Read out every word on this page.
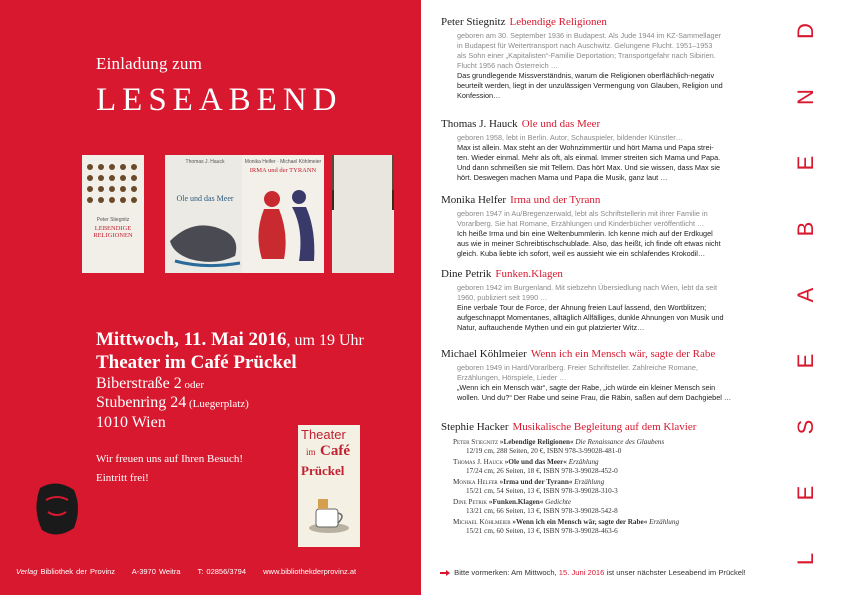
Einladung zum
LESEABEND
LEBENDIGE RELIGIONEN
Peter Stiegnitz
Thomas J. Hauck
Ole und das Meer
Monika Helfer · Michael Köhlmeier
IRMA und der TYRANN
Mittwoch, 11. Mai 2016, um 19 Uhr
Theater im Café Prückel
Biberstraße 2 oder
Stubenring 24 (Luegerplatz)
1010 Wien
Wir freuen uns auf Ihren Besuch!
Eintritt frei!
Theater
im Café
Prückel
Verlag Bibliothek der Provinz A-3970 Weitra T: 02856/3794 www.bibliothekderprovinz.at
Peter Stiegnitz Lebendige Religionen
geboren am 30. September 1936 in Budapest. Als Jude 1944 im KZ-Sammellager
in Budapest für Weitertransport nach Auschwitz. Gelungene Flucht. 1951–1953
als Sohn einer „Kapitalisten“-Familie Deportation; Transportgefahr nach Sibirien.
Flucht 1956 nach Österreich …
Das grundlegende Missverständnis, warum die Religionen oberflächlich-negativ
beurteilt werden, liegt in der unzulässigen Vermengung von Glauben, Religion und
Konfession…
Thomas J. Hauck Ole und das Meer
geboren 1958, lebt in Berlin. Autor, Schauspieler, bildender Künstler…
Max ist allein. Max steht an der Wohnzimmertür und hört Mama und Papa strei-
ten. Wieder einmal. Mehr als oft, als einmal. Immer streiten sich Mama und Papa.
Und dann schmeißen sie mit Tellern. Das hört Max. Und sie wissen, dass Max sie
hört. Deswegen machen Mama und Papa die Musik, ganz laut …
Monika Helfer Irma und der Tyrann
geboren 1947 in Au/Bregenzerwald, lebt als Schriftstellerin mit ihrer Familie in
Vorarlberg. Sie hat Romane, Erzählungen und Kinderbücher veröffentlicht …
Ich heiße Irma und bin eine Weltenbummlerin. Ich kenne mich auf der Erdkugel
aus wie in meiner Schreibtischschublade. Also, das heißt, ich finde oft etwas nicht
gleich. Kuba liebte ich sofort, weil es aussieht wie ein schlafendes Krokodil…
Dine Petrik Funken.Klagen
geboren 1942 im Burgenland. Mit siebzehn Übersiedlung nach Wien, lebt da seit
1960, publiziert seit 1990 …
Eine verbale Tour de Force, der Ahnung freien Lauf lassend, den Wortblitzen;
aufgeschnappt Momentanes, alltäglich Allfälliges, dunkle Ahnungen von Musik und
Natur, auftauchende Mythen und ein gut platzierter Witz…
Michael Köhlmeier Wenn ich ein Mensch wär, sagte der Rabe
geboren 1949 in Hard/Vorarlberg. Freier Schriftsteller. Zahlreiche Romane,
Erzählungen, Hörspiele, Lieder …
„Wenn ich ein Mensch wär“, sagte der Rabe, „ich würde ein kleiner Mensch sein
wollen. Und du?“ Der Rabe und seine Frau, die Räbin, saßen auf dem Dachgiebel …
Stephie Hacker Musikalische Begleitung auf dem Klavier
Peter Stiegnitz »Lebendige Religionen« Die Renaissance des Glaubens
12/19 cm, 288 Seiten, 20 €, ISBN 978-3-99028-481-0
Thomas J. Hauck »Ole und das Meer« Erzählung
17/24 cm, 26 Seiten, 18 €, ISBN 978-3-99028-452-0
Monika Helfer »Irma und der Tyrann« Erzählung
15/21 cm, 54 Seiten, 13 €, ISBN 978-3-99028-310-3
Dine Petrik »Funken.Klagen« Gedichte
13/21 cm, 66 Seiten, 13 €, ISBN 978-3-99028-542-8
Michael Köhlmeier »Wenn ich ein Mensch wär, sagte der Rabe« Erzählung
15/21 cm, 60 Seiten, 13 €, ISBN 978-3-99028-463-6
D
N
E
B
A
E
S
E
L
Bitte vormerken: Am Mittwoch, 15. Juni 2016 ist unser nächster Leseabend im Prückel!
